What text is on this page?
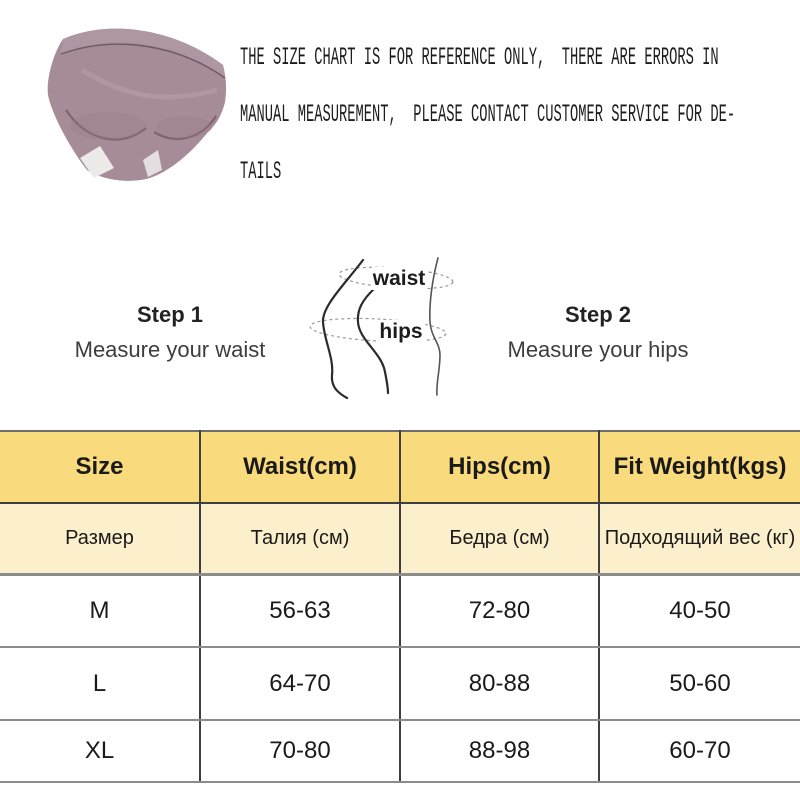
THE SIZE CHART IS FOR REFERENCE ONLY,  THERE ARE ERRORS IN
MANUAL MEASUREMENT,  PLEASE CONTACT CUSTOMER SERVICE FOR DE-
TAILS
Step 1
Measure your waist
waist
hips
Step 2
Measure your hips
Size	Waist(cm)	Hips(cm)	Fit Weight(kgs)
Размер	Талия (см)	Бедра (см)	Подходящий вес (кг)
M	56-63	72-80	40-50
L	64-70	80-88	50-60
XL	70-80	88-98	60-70
